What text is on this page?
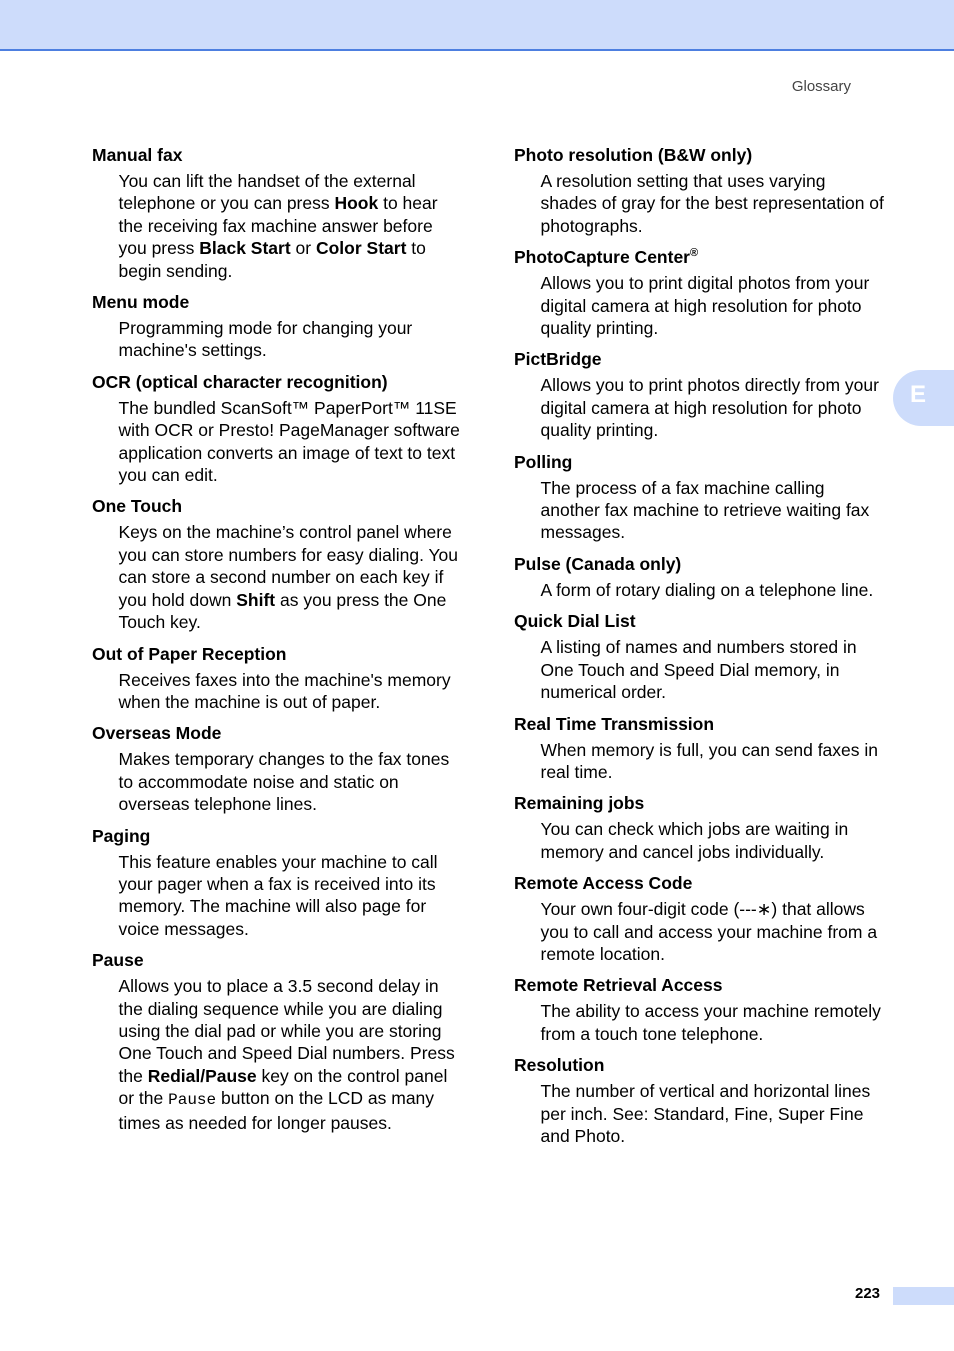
Glossary
E
Manual fax
You can lift the handset of the external telephone or you can press Hook to hear the receiving fax machine answer before you press Black Start or Color Start to begin sending.
Menu mode
Programming mode for changing your machine's settings.
OCR (optical character recognition)
The bundled ScanSoft™ PaperPort™ 11SE with OCR or Presto! PageManager software application converts an image of text to text you can edit.
One Touch
Keys on the machine’s control panel where you can store numbers for easy dialing. You can store a second number on each key if you hold down Shift as you press the One Touch key.
Out of Paper Reception
Receives faxes into the machine's memory when the machine is out of paper.
Overseas Mode
Makes temporary changes to the fax tones to accommodate noise and static on overseas telephone lines.
Paging
This feature enables your machine to call your pager when a fax is received into its memory. The machine will also page for voice messages.
Pause
Allows you to place a 3.5 second delay in the dialing sequence while you are dialing using the dial pad or while you are storing One Touch and Speed Dial numbers. Press the Redial/Pause key on the control panel or the Pause button on the LCD as many times as needed for longer pauses.
Photo resolution (B&W only)
A resolution setting that uses varying shades of gray for the best representation of photographs.
PhotoCapture Center®
Allows you to print digital photos from your digital camera at high resolution for photo quality printing.
PictBridge
Allows you to print photos directly from your digital camera at high resolution for photo quality printing.
Polling
The process of a fax machine calling another fax machine to retrieve waiting fax messages.
Pulse (Canada only)
A form of rotary dialing on a telephone line.
Quick Dial List
A listing of names and numbers stored in One Touch and Speed Dial memory, in numerical order.
Real Time Transmission
When memory is full, you can send faxes in real time.
Remaining jobs
You can check which jobs are waiting in memory and cancel jobs individually.
Remote Access Code
Your own four-digit code (---∗) that allows you to call and access your machine from a remote location.
Remote Retrieval Access
The ability to access your machine remotely from a touch tone telephone.
Resolution
The number of vertical and horizontal lines per inch. See: Standard, Fine, Super Fine and Photo.
223
